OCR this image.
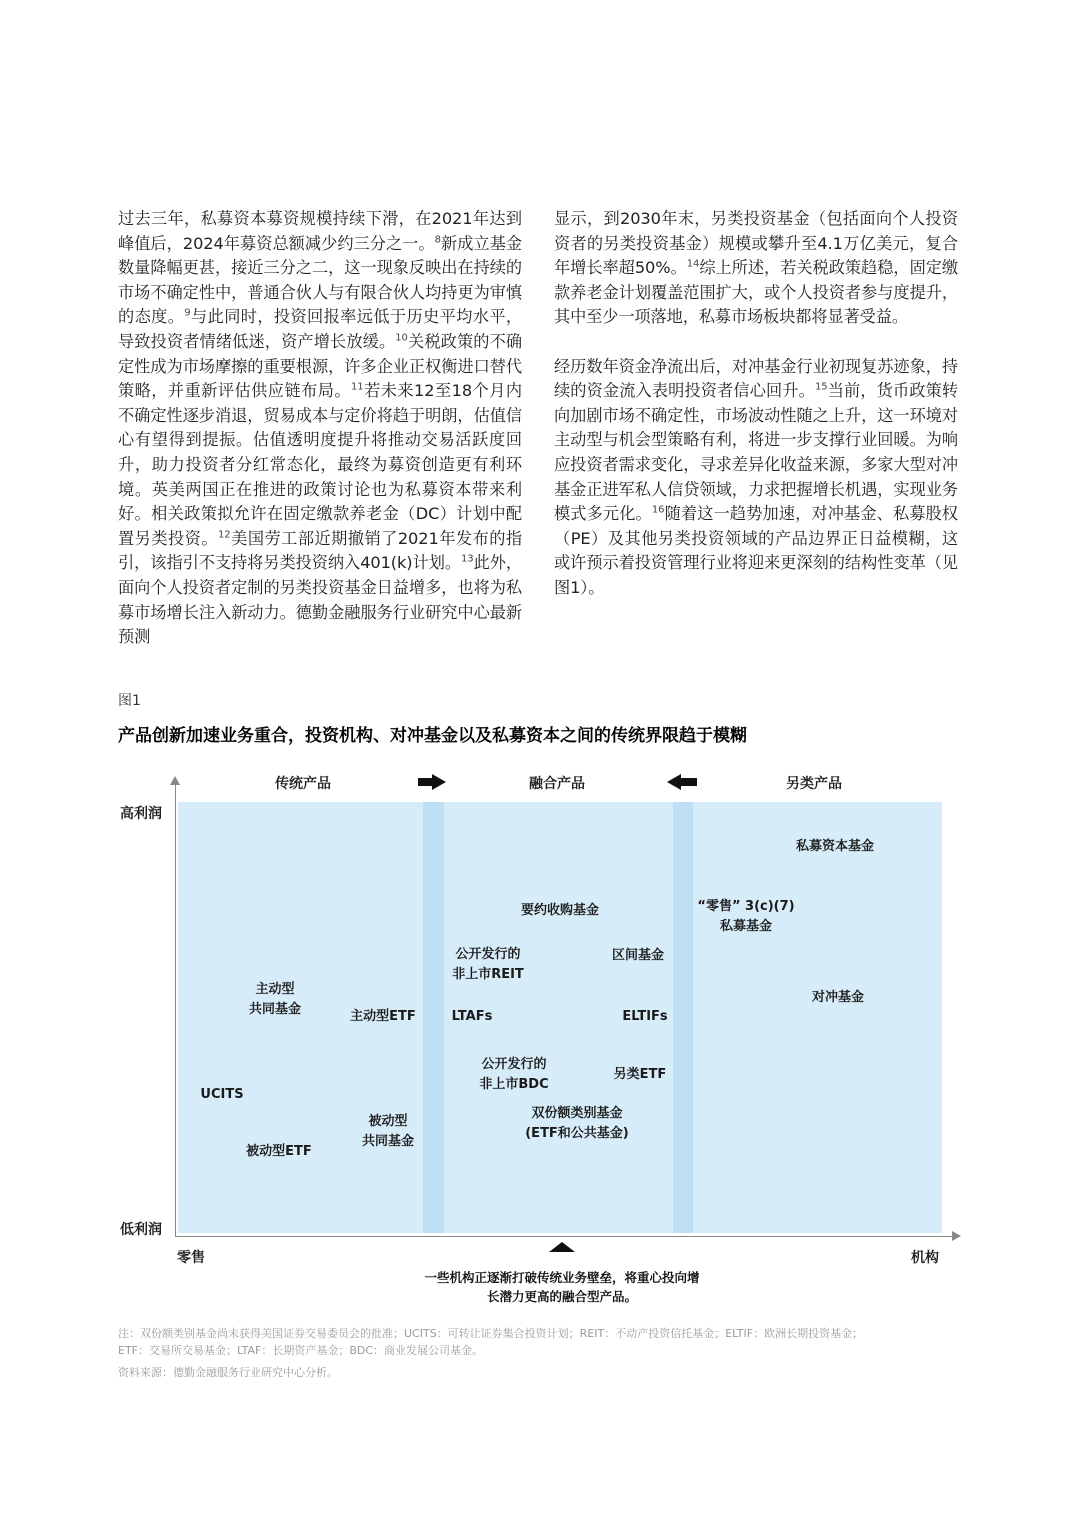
过去三年，私募资本募资规模持续下滑，在2021年达到峰值后，2024年募资总额减少约三分之一。$^8$新成立基金数量降幅更甚，接近三分之二，这一现象反映出在持续的市场不确定性中，普通合伙人与有限合伙人均持更为审慎的态度。$^9$与此同时，投资回报率远低于历史平均水平，导致投资者情绪低迷，资产增长放缓。$^{10}$关税政策的不确定性成为市场摩擦的重要根源，许多企业正权衡进口替代策略，并重新评估供应链布局。$^{11}$若未来12至18个月内不确定性逐步消退，贸易成本与定价将趋于明朗，估值信心有望得到提振。估值透明度提升将推动交易活跃度回升，助力投资者分红常态化，最终为募资创造更有利环境。英美两国正在推进的政策讨论也为私募资本带来利好。相关政策拟允许在固定缴款养老金（DC）计划中配置另类投资。$^{12}$美国劳工部近期撤销了2021年发布的指引，该指引不支持将另类投资纳入401(k)计划。$^{13}$此外，面向个人投资者定制的另类投资基金日益增多，也将为私募市场增长注入新动力。德勤金融服务行业研究中心最新预测

显示，到2030年末，另类投资基金（包括面向个人投资资者的另类投资基金）规模或攀升至4.1万亿美元，复合年增长率超50%。$^{14}$综上所述，若关税政策趋稳，固定缴款养老金计划覆盖范围扩大，或个人投资者参与度提升，其中至少一项落地，私募市场板块都将显著受益。

经历数年资金净流出后，对冲基金行业初现复苏迹象，持续的资金流入表明投资者信心回升。$^{15}$当前，货币政策转向加剧市场不确定性，市场波动性随之上升，这一环境对主动型与机会型策略有利，将进一步支撑行业回暖。为响应投资者需求变化，寻求差异化收益来源，多家大型对冲基金正进军私人信贷领域，力求把握增长机遇，实现业务模式多元化。$^{16}$随着这一趋势加速，对冲基金、私募股权（PE）及其他另类投资领域的产品边界正日益模糊，这或许预示着投资管理行业将迎来更深刻的结构性变革（见图1）。

图1
产品创新加速业务重合，投资机构、对冲基金以及私募资本之间的传统界限趋于模糊
传统产品	融合产品	另类产品
高利润
低利润
零售	机构
主动型
共同基金
UCITS
被动型ETF
主动型ETF
被动型
共同基金
要约收购基金
公开发行的
非上市REIT
区间基金
LTAFs	ELTIFs
公开发行的
非上市BDC
另类ETF
双份额类别基金
(ETF和公共基金)
私募资本基金
“零售” 3(c)(7)
私募基金
对冲基金
一些机构正逐渐打破传统业务壁垒，将重心投向增长潜力更高的融合型产品。
注：双份额类别基金尚未获得美国证券交易委员会的批准；UCITS：可转让证券集合投资计划；REIT：不动产投资信托基金；ELTIF：欧洲长期投资基金；
ETF：交易所交易基金；LTAF：长期资产基金；BDC：商业发展公司基金。
资料来源：德勤金融服务行业研究中心分析。
